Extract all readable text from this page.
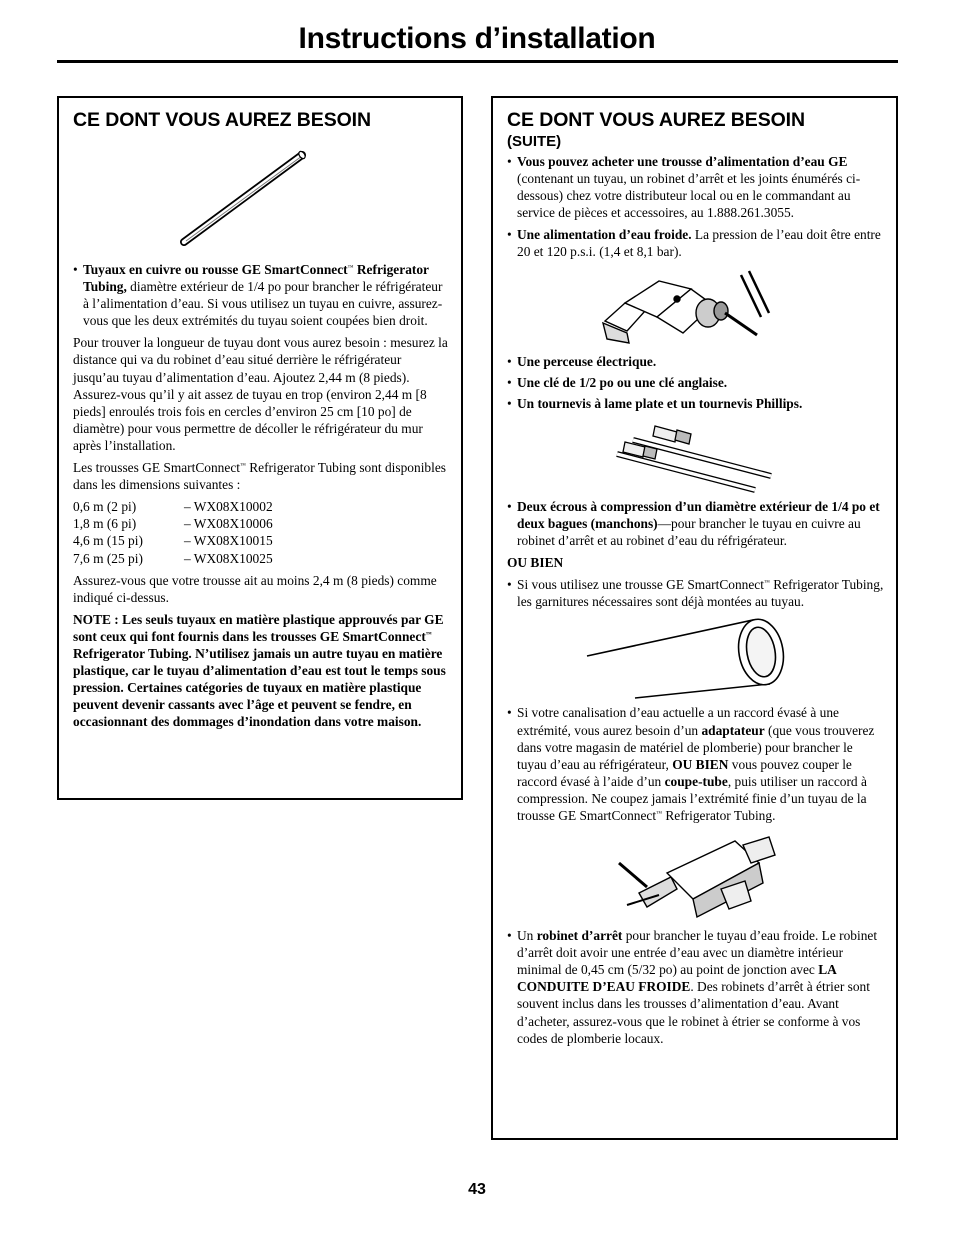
Instructions d’installation
CE DONT VOUS AUREZ BESOIN
• Tuyaux en cuivre ou rousse GE SmartConnect™ Refrigerator Tubing, diamètre extérieur de 1/4 po pour brancher le réfrigérateur à l’alimentation d’eau. Si vous utilisez un tuyau en cuivre, assurez-vous que les deux extrémités du tuyau soient coupées bien droit.
Pour trouver la longueur de tuyau dont vous aurez besoin : mesurez la distance qui va du robinet d’eau situé derrière le réfrigérateur jusqu’au tuyau d’alimentation d’eau. Ajoutez 2,44 m (8 pieds). Assurez-vous qu’il y ait assez de tuyau en trop (environ 2,44 m [8 pieds] enroulés trois fois en cercles d’environ 25 cm [10 po] de diamètre) pour vous permettre de décoller le réfrigérateur du mur après l’installation.
Les trousses GE SmartConnect™ Refrigerator Tubing sont disponibles dans les dimensions suivantes :
0,6 m (2 pi)	– WX08X10002
1,8 m (6 pi)	– WX08X10006
4,6 m (15 pi)	– WX08X10015
7,6 m (25 pi)	– WX08X10025
Assurez-vous que votre trousse ait au moins 2,4 m (8 pieds) comme indiqué ci-dessus.
NOTE : Les seuls tuyaux en matière plastique approuvés par GE sont ceux qui font fournis dans les trousses GE SmartConnect™ Refrigerator Tubing. N’utilisez jamais un autre tuyau en matière plastique, car le tuyau d’alimentation d’eau est tout le temps sous pression. Certaines catégories de tuyaux en matière plastique peuvent devenir cassants avec l’âge et peuvent se fendre, en occasionnant des dommages d’inondation dans votre maison.
CE DONT VOUS AUREZ BESOIN
(SUITE)
• Vous pouvez acheter une trousse d’alimentation d’eau GE (contenant un tuyau, un robinet d’arrêt et les joints énumérés ci-dessous) chez votre distributeur local ou en le commandant au service de pièces et accessoires, au 1.888.261.3055.
• Une alimentation d’eau froide. La pression de l’eau doit être entre 20 et 120 p.s.i. (1,4 et 8,1 bar).
• Une perceuse électrique.
• Une clé de 1/2 po ou une clé anglaise.
• Un tournevis à lame plate et un tournevis Phillips.
• Deux écrous à compression d’un diamètre extérieur de 1/4 po et deux bagues (manchons)—pour brancher le tuyau en cuivre au robinet d’arrêt et au robinet d’eau du réfrigérateur.
OU BIEN
• Si vous utilisez une trousse GE SmartConnect™ Refrigerator Tubing, les garnitures nécessaires sont déjà montées au tuyau.
• Si votre canalisation d’eau actuelle a un raccord évasé à une extrémité, vous aurez besoin d’un adaptateur (que vous trouverez dans votre magasin de matériel de plomberie) pour brancher le tuyau d’eau au réfrigérateur, OU BIEN vous pouvez couper le raccord évasé à l’aide d’un coupe-tube, puis utiliser un raccord à compression. Ne coupez jamais l’extrémité finie d’un tuyau de la trousse GE SmartConnect™ Refrigerator Tubing.
• Un robinet d’arrêt pour brancher le tuyau d’eau froide. Le robinet d’arrêt doit avoir une entrée d’eau avec un diamètre intérieur minimal de 0,45 cm (5/32 po) au point de jonction avec LA CONDUITE D’EAU FROIDE. Des robinets d’arrêt à étrier sont souvent inclus dans les trousses d’alimentation d’eau. Avant d’acheter, assurez-vous que le robinet à étrier se conforme à vos codes de plomberie locaux.
43
